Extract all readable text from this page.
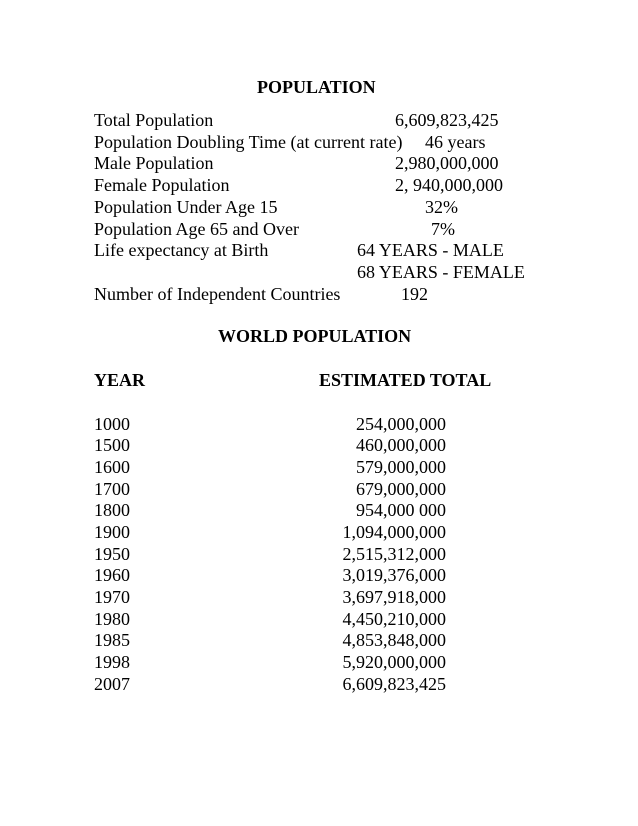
POPULATION
Total Population	6,609,823,425
Population Doubling Time (at current rate) 46 years
Male Population	2,980,000,000
Female Population	2, 940,000,000
Population Under Age 15	32%
Population Age 65 and Over	7%
Life expectancy at Birth	64 YEARS - MALE
68 YEARS - FEMALE
Number of Independent Countries	192
WORLD POPULATION
YEAR	ESTIMATED TOTAL
1000	254,000,000
1500	460,000,000
1600	579,000,000
1700	679,000,000
1800	954,000 000
1900	1,094,000,000
1950	2,515,312,000
1960	3,019,376,000
1970	3,697,918,000
1980	4,450,210,000
1985	4,853,848,000
1998	5,920,000,000
2007	6,609,823,425
